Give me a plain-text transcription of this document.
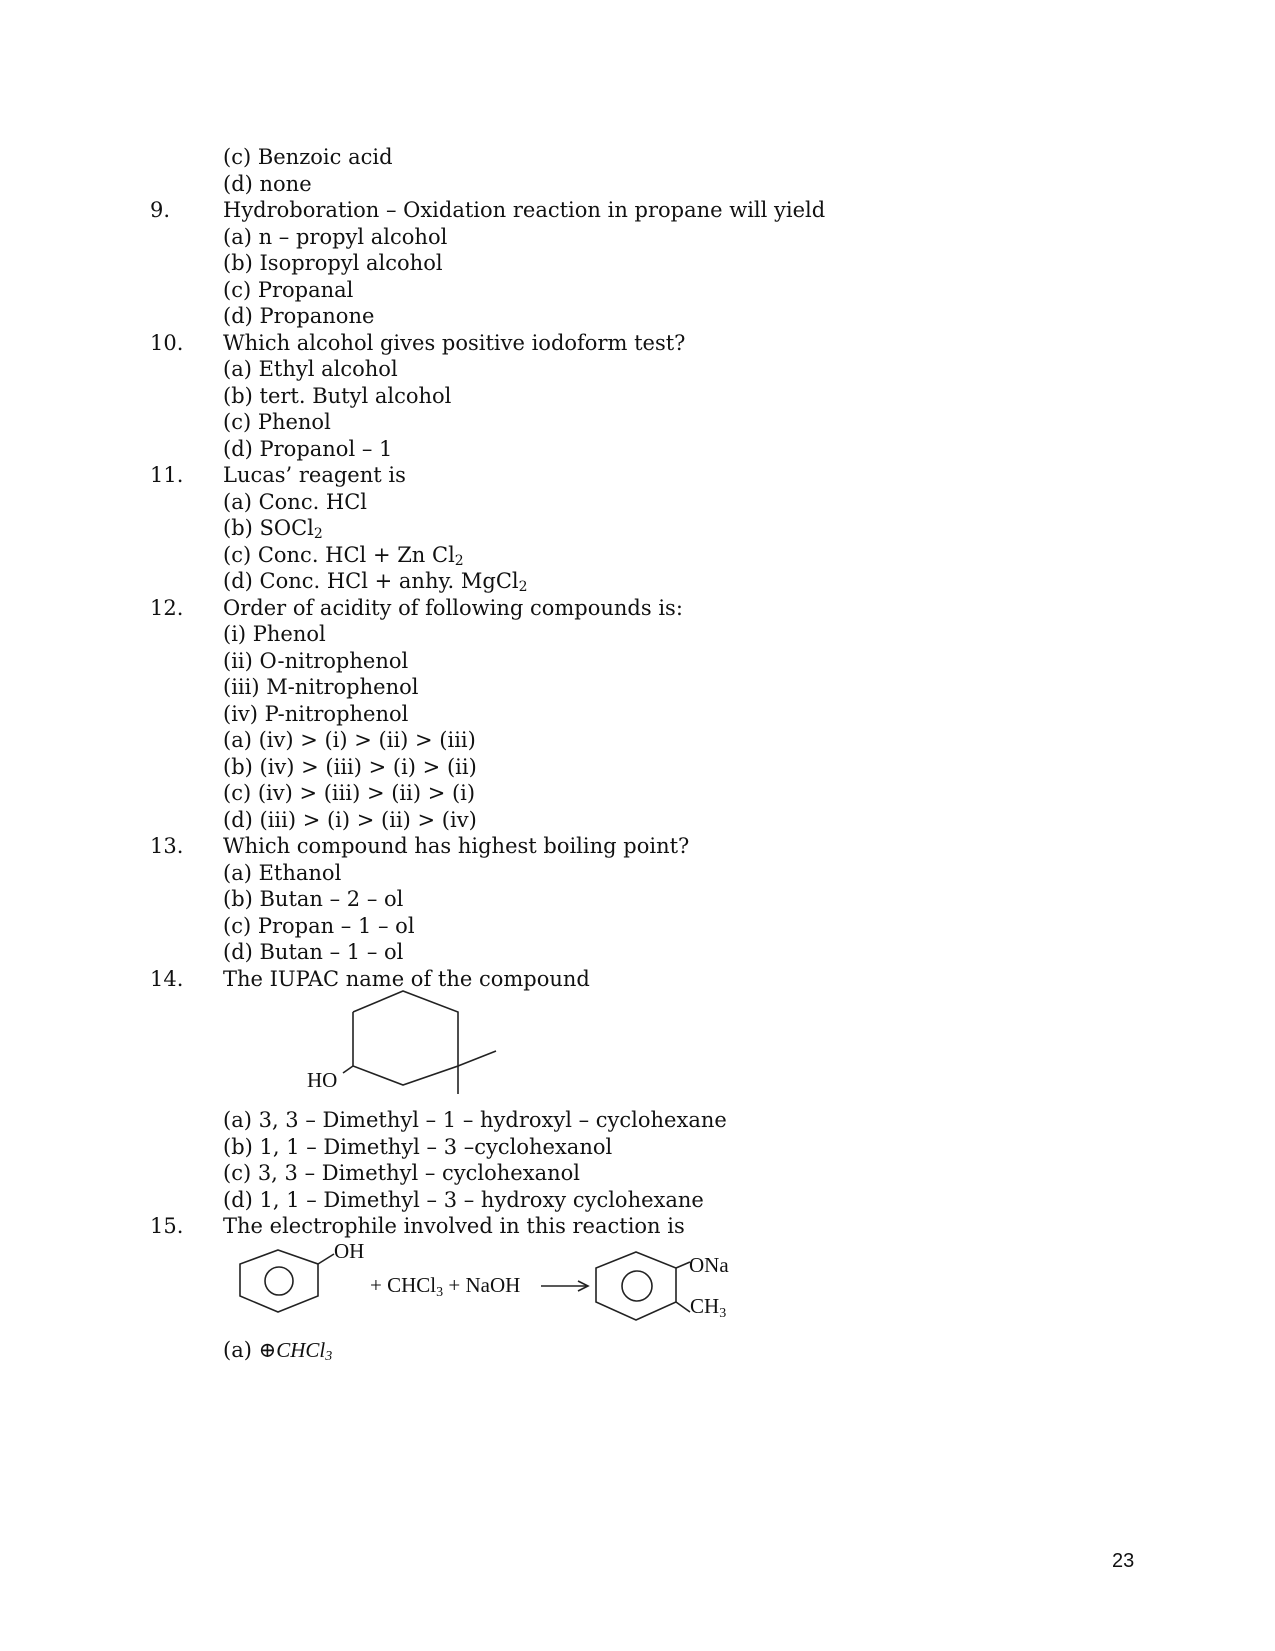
(c) Benzoic acid
(d) none
9.	Hydroboration – Oxidation reaction in propane will yield
(a) n – propyl alcohol
(b) Isopropyl alcohol
(c) Propanal
(d) Propanone
10. Which alcohol gives positive iodoform test?
(a) Ethyl alcohol
(b) tert. Butyl alcohol
(c) Phenol
(d) Propanol – 1
11. Lucas’ reagent is
(a) Conc. HCl
(b) SOCl$_2$
(c) Conc. HCl + Zn $Cl_2$
(d) Conc. HCl + anhy. MgCl$_2$
12. Order of acidity of following compounds is:
(i) Phenol
(ii) O-nitrophenol
(iii) M-nitrophenol
(iv) P-nitrophenol
(a) (iv) > (i) > (ii) > (iii)
(b) (iv) > (iii) > (i) > (ii)
(c) (iv) > (iii) > (ii) > (i)
(d) (iii) > (i) > (ii) > (iv)
13. Which compound has highest boiling point?
(a) Ethanol
(b) Butan – 2 – ol
(c) Propan – 1 – ol
(d) Butan – 1 – ol
14. The IUPAC name of the compound
HO
(a) 3, 3 – Dimethyl – 1 – hydroxyl – cyclohexane
(b) 1, 1 – Dimethyl – 3 –cyclohexanol
(c) 3, 3 – Dimethyl – cyclohexanol
(d) 1, 1 – Dimethyl – 3 – hydroxy cyclohexane
15. The electrophile involved in this reaction is
OH
+ CHCl3 + NaOH
ONa
CH3
(a) ⊕CHCl$_3$
23
